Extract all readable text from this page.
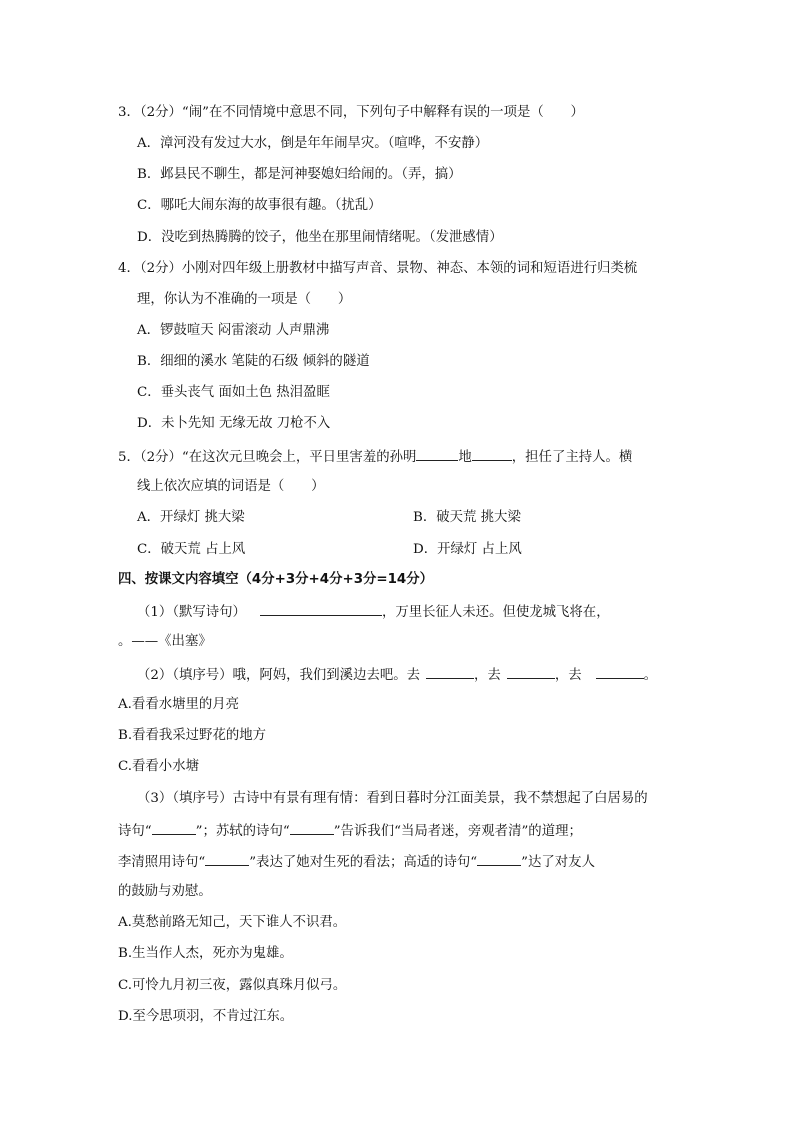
3．（2分）“闹”在不同情境中意思不同，下列句子中解释有误的一项是（　　）
A．漳河没有发过大水，倒是年年闹旱灾。（喧哗，不安静）
B．邺县民不聊生，都是河神娶媳妇给闹的。（弄，搞）
C．哪吒大闹东海的故事很有趣。（扰乱）
D．没吃到热腾腾的饺子，他坐在那里闹情绪呢。（发泄感情）
4．（2分）小刚对四年级上册教材中描写声音、景物、神态、本领的词和短语进行归类梳
理，你认为不准确的一项是（　　）
A．锣鼓喧天 闷雷滚动 人声鼎沸
B．细细的溪水 笔陡的石级 倾斜的隧道
C．垂头丧气 面如土色 热泪盈眶
D．未卜先知 无缘无故 刀枪不入
5．（2分）“在这次元旦晚会上，平日里害羞的孙明	地	，担任了主持人。横
线上依次应填的词语是（　　）
A．开绿灯 挑大梁	B．破天荒 挑大梁
C．破天荒 占上风	D．开绿灯 占上风
四、按课文内容填空（4分+3分+4分+3分=14分）
（1）（默写诗句）	，万里长征人未还。但使龙城飞将在，
。——《出塞》
（2）（填序号）哦，阿妈，我们到溪边去吧。去	，去	，去	。
A.看看水塘里的月亮
B.看看我采过野花的地方
C.看看小水塘
（3）（填序号）古诗中有景有理有情：看到日暮时分江面美景，我不禁想起了白居易的
诗句“	”；苏轼的诗句“	”告诉我们“当局者迷，旁观者清”的道理；
李清照用诗句“	”表达了她对生死的看法；高适的诗句“	”达了对友人
的鼓励与劝慰。
A.莫愁前路无知己，天下谁人不识君。
B.生当作人杰，死亦为鬼雄。
C.可怜九月初三夜，露似真珠月似弓。
D.至今思项羽，不肯过江东。
